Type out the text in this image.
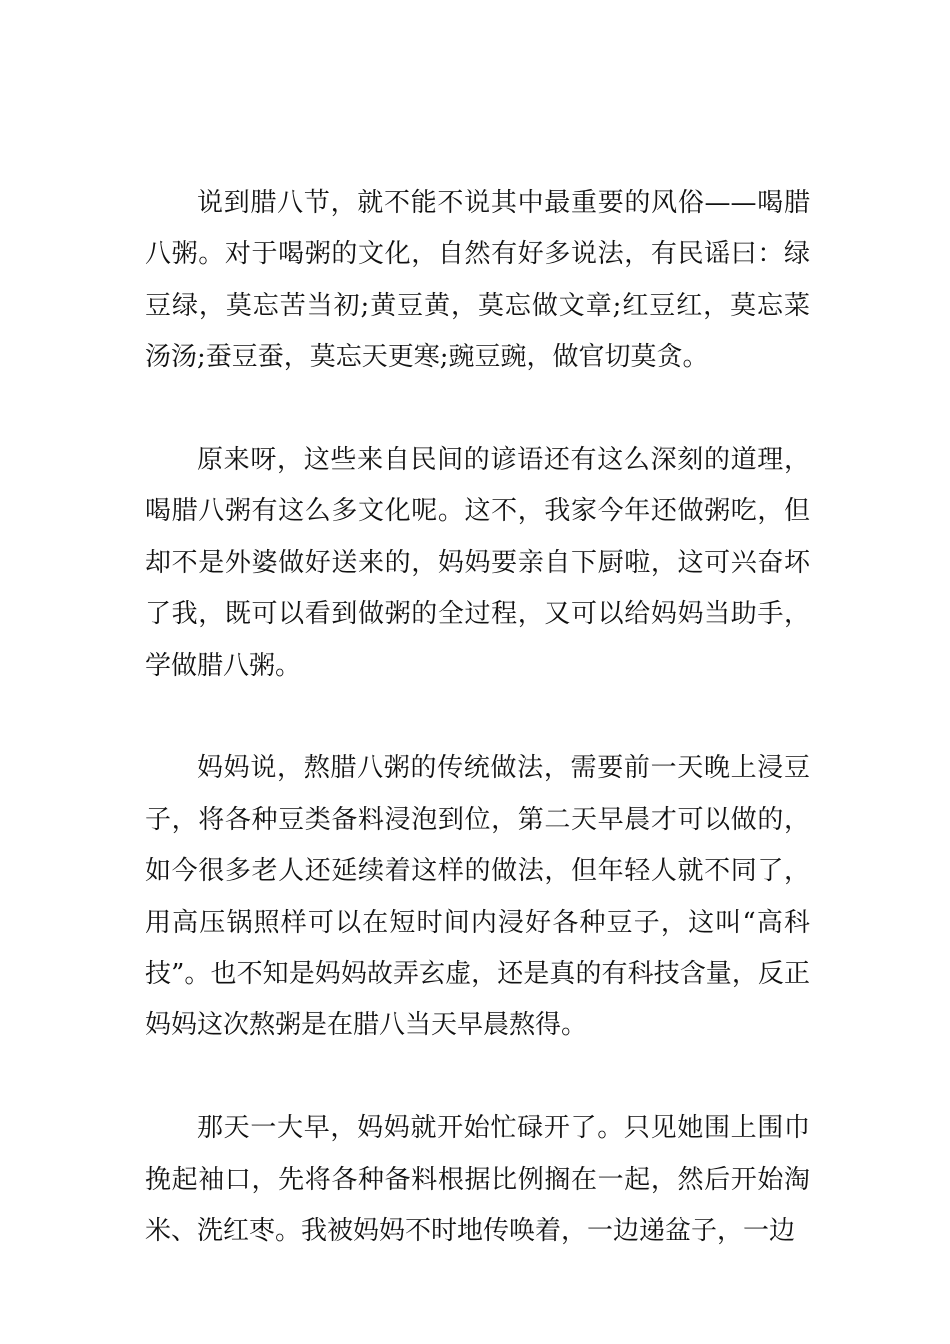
说到腊八节，就不能不说其中最重要的风俗——喝腊八粥。对于喝粥的文化，自然有好多说法，有民谣曰：绿豆绿，莫忘苦当初;黄豆黄，莫忘做文章;红豆红，莫忘菜汤汤;蚕豆蚕，莫忘天更寒;豌豆豌，做官切莫贪。

原来呀，这些来自民间的谚语还有这么深刻的道理，喝腊八粥有这么多文化呢。这不，我家今年还做粥吃，但却不是外婆做好送来的，妈妈要亲自下厨啦，这可兴奋坏了我，既可以看到做粥的全过程，又可以给妈妈当助手，学做腊八粥。

妈妈说，熬腊八粥的传统做法，需要前一天晚上浸豆子，将各种豆类备料浸泡到位，第二天早晨才可以做的，如今很多老人还延续着这样的做法，但年轻人就不同了，用高压锅照样可以在短时间内浸好各种豆子，这叫“高科技”。也不知是妈妈故弄玄虚，还是真的有科技含量，反正妈妈这次熬粥是在腊八当天早晨熬得。

那天一大早，妈妈就开始忙碌开了。只见她围上围巾挽起袖口，先将各种备料根据比例搁在一起，然后开始淘米、洗红枣。我被妈妈不时地传唤着，一边递盆子，一边
